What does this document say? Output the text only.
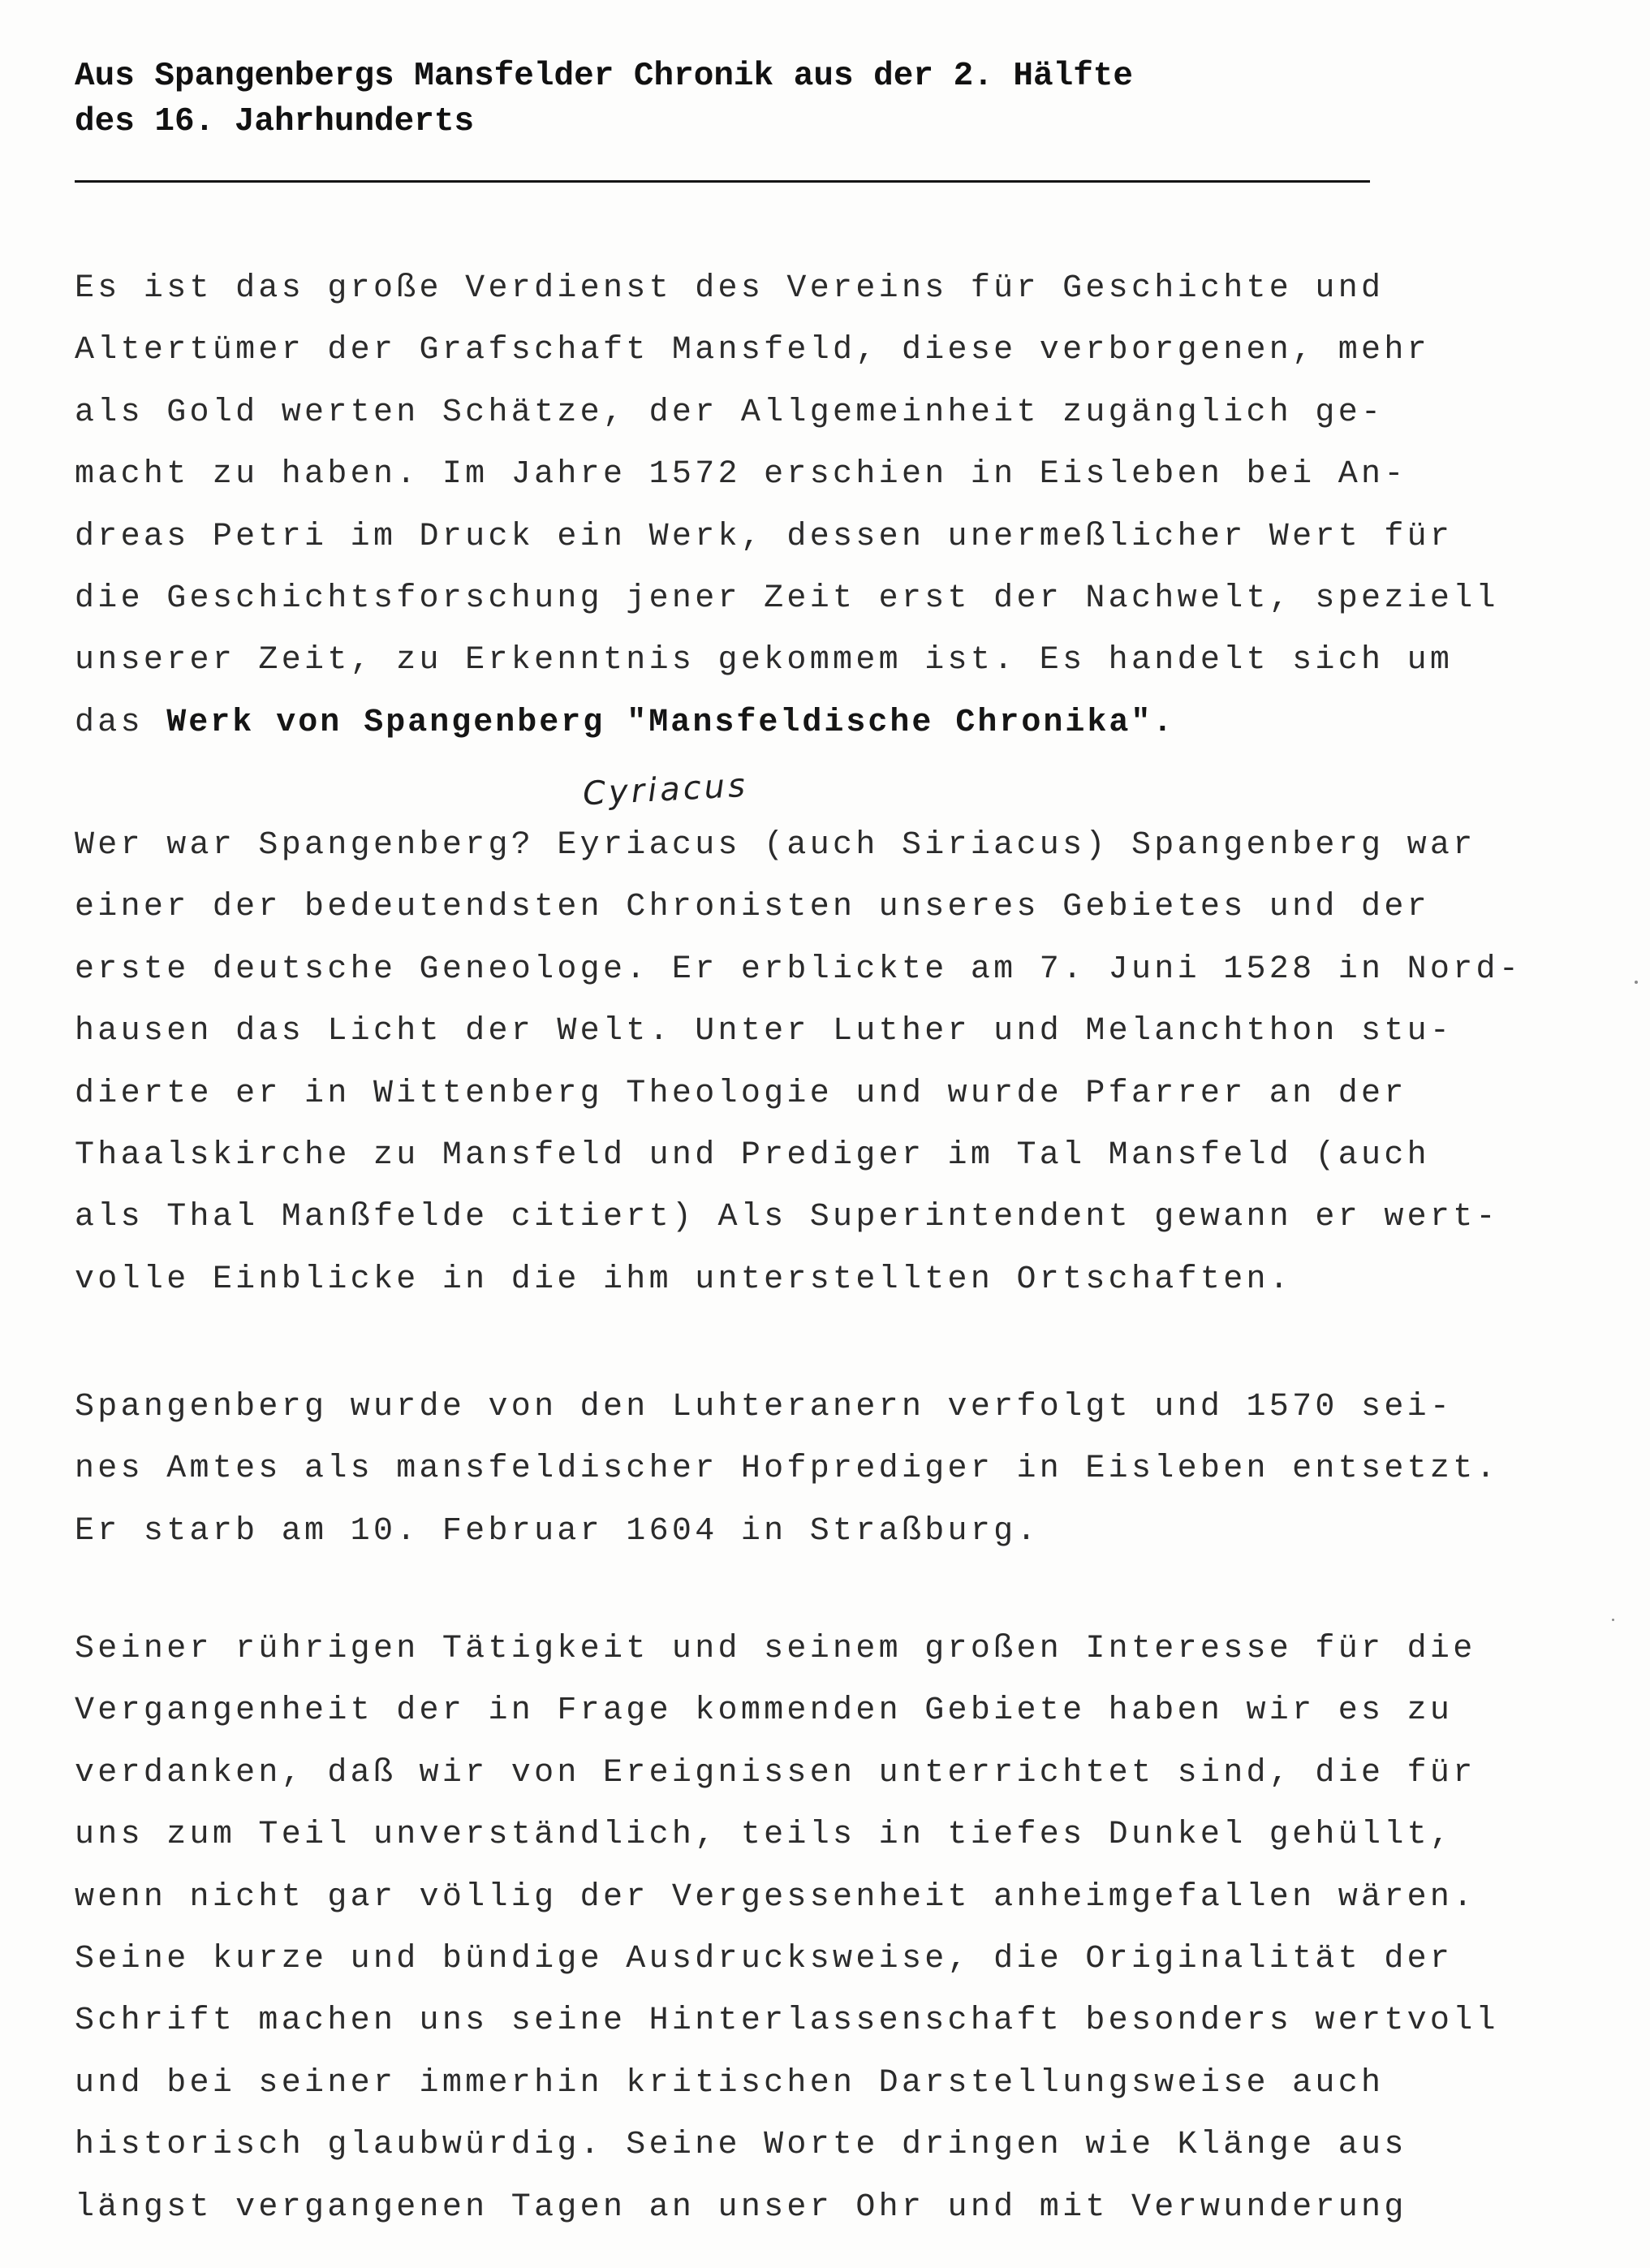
Aus Spangenbergs Mansfelder Chronik aus der 2. Hälfte
des 16. Jahrhunderts
Es ist das große Verdienst des Vereins für Geschichte und
Altertümer der Grafschaft Mansfeld, diese verborgenen, mehr
als Gold werten Schätze, der Allgemeinheit zugänglich ge-
macht zu haben. Im Jahre 1572 erschien in Eisleben bei An-
dreas Petri im Druck ein Werk, dessen unermeßlicher Wert für
die Geschichtsforschung jener Zeit erst der Nachwelt, speziell
unserer Zeit, zu Erkenntnis gekommem ist. Es handelt sich um
das Werk von Spangenberg "Mansfeldische Chronika".
Cyriacus
Wer war Spangenberg? Eyriacus (auch Siriacus) Spangenberg war
einer der bedeutendsten Chronisten unseres Gebietes und der
erste deutsche Geneologe. Er erblickte am 7. Juni 1528 in Nord-
hausen das Licht der Welt. Unter Luther und Melanchthon stu-
dierte er in Wittenberg Theologie und wurde Pfarrer an der
Thaalskirche zu Mansfeld und Prediger im Tal Mansfeld (auch
als Thal Manßfelde citiert) Als Superintendent gewann er wert-
volle Einblicke in die ihm unterstellten Ortschaften.
Spangenberg wurde von den Luhteranern verfolgt und 1570 sei-
nes Amtes als mansfeldischer Hofprediger in Eisleben entsetzt.
Er starb am 10. Februar 1604 in Straßburg.
Seiner rührigen Tätigkeit und seinem großen Interesse für die
Vergangenheit der in Frage kommenden Gebiete haben wir es zu
verdanken, daß wir von Ereignissen unterrichtet sind, die für
uns zum Teil unverständlich, teils in tiefes Dunkel gehüllt,
wenn nicht gar völlig der Vergessenheit anheimgefallen wären.
Seine kurze und bündige Ausdrucksweise, die Originalität der
Schrift machen uns seine Hinterlassenschaft besonders wertvoll
und bei seiner immerhin kritischen Darstellungsweise auch
historisch glaubwürdig. Seine Worte dringen wie Klänge aus
längst vergangenen Tagen an unser Ohr und mit Verwunderung
